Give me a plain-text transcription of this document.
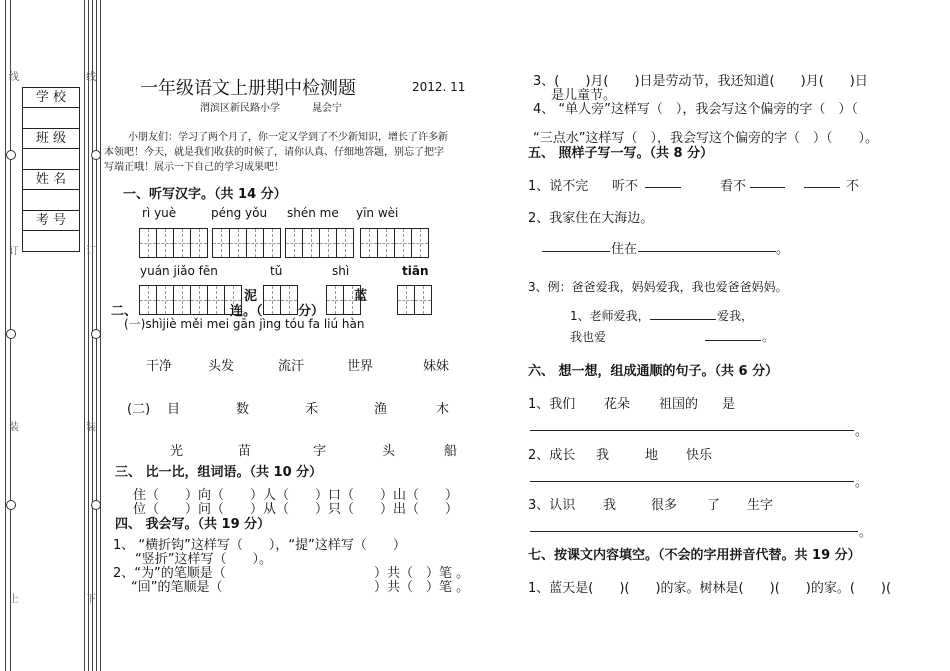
线	线
订	订
装	装
上	下
学 校
班 级
姓 名
考 号
一年级语文上册期中检测题	2012. 11
渭滨区新民路小学	晁会宁
小朋友们：学习了两个月了，你一定又学到了不少新知识，增长了许多新
本领吧！今天，就是我们收获的时候了，请你认真、仔细地答题，别忘了把字
写端正哦！展示一下自己的学习成果吧！
一、听写汉字。（共 14 分）
rì yuè	péng yǒu shén me yīn wèi
yuán jiǎo fēn	tǔ	shì	tiān
二、	连。（	分）
泥	蓝
(一)shìjiè měi mei gān jìng tóu fa liú hàn
干净	头发	流汗	世界	妹妹
(二) 目	数	禾	渔	木
光	苗	字	头	船
三、 比一比，组词语。（共 10 分）
住（　　）向（　　）人（　　）口（　　）山（　　）
位（　　）问（　　）从（　　）只（　　）出（　　）
四、 我会写。（共 19 分）
1、 “横折钩”这样写（　　），“提”这样写（　　）
“竖折”这样写（　　）。
2、“为”的笔顺是（	）共（　）笔 。
“回”的笔顺是（	）共（　）笔 。
3、(　　)月(　　)日是劳动节，我还知道(　　)月(　　)日
是儿童节。
4、 “单人旁”这样写（　），我会写这个偏旁的字（　）（
“三点水”这样写（　），我会写这个偏旁的字（　）（　　）。
五、 照样子写一写。（共 8 分）
1、说不完 听不	看不	不
2、我家住在大海边。
住在	。
3、例：爸爸爱我，妈妈爱我，我也爱爸爸妈妈。
1、老师爱我，	爱我，
我也爱	。
六、 想一想，组成通顺的句子。（共 6 分）
1、我们 花朵 祖国的 是
。
2、成长 我	地 快乐
。
3、认识 我	很多 了 生字
。
七、按课文内容填空。（不会的字用拼音代替。共 19 分）
1、蓝天是(　　)(　　)的家。树林是(　　)(　　)的家。(　　)(
